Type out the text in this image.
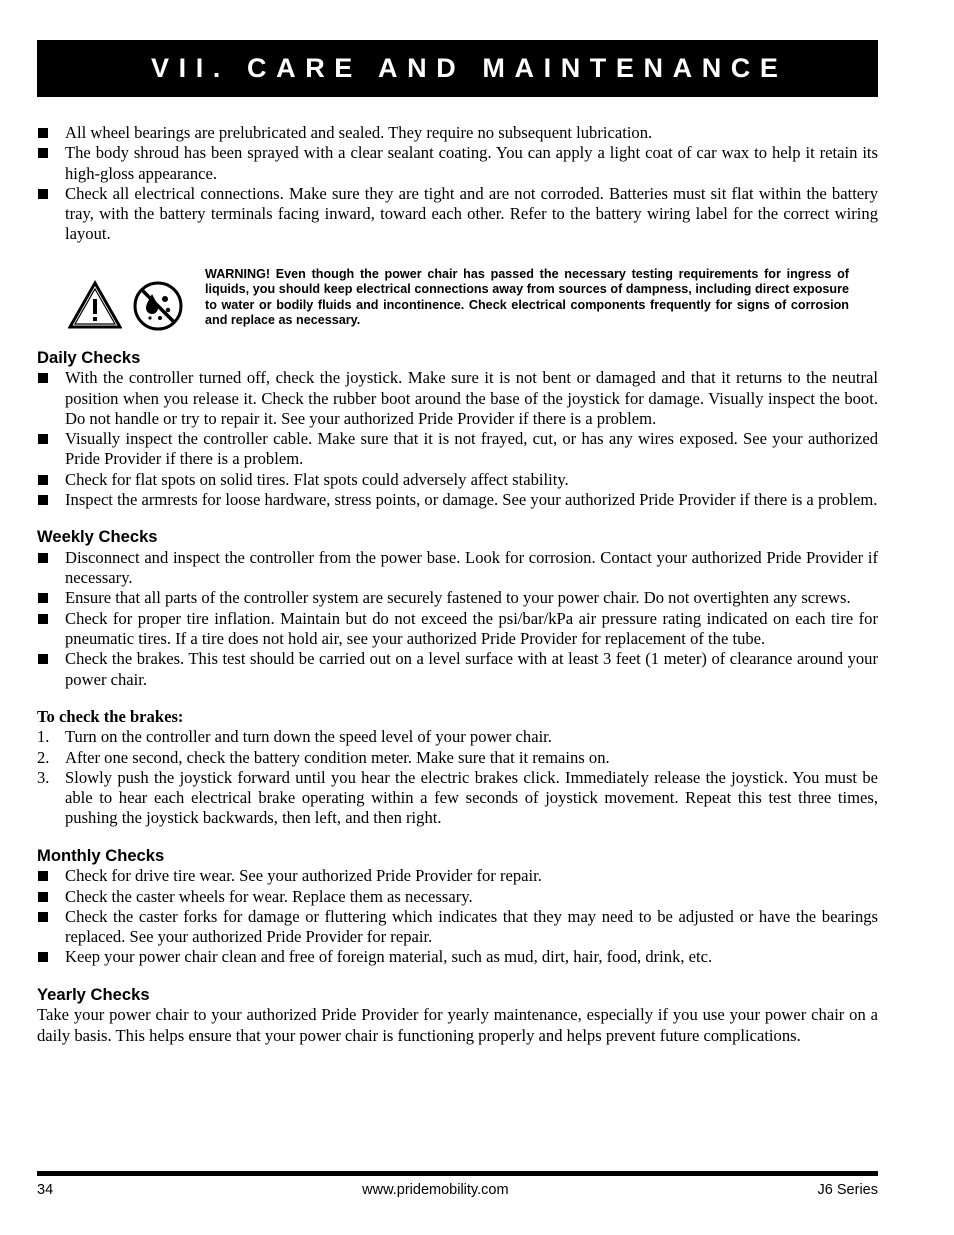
VII. CARE AND MAINTENANCE
All wheel bearings are prelubricated and sealed. They require no subsequent lubrication.
The body shroud has been sprayed with a clear sealant coating. You can apply a light coat of car wax to help it retain its high-gloss appearance.
Check all electrical connections. Make sure they are tight and are not corroded. Batteries must sit flat within the battery tray, with the battery terminals facing inward, toward each other. Refer to the battery wiring label for the correct wiring layout.
WARNING! Even though the power chair has passed the necessary testing requirements for ingress of liquids, you should keep electrical connections away from sources of dampness, including direct exposure to water or bodily fluids and incontinence. Check electrical components frequently for signs of corrosion and replace as necessary.
Daily Checks
With the controller turned off, check the joystick. Make sure it is not bent or damaged and that it returns to the neutral position when you release it. Check the rubber boot around the base of the joystick for damage. Visually inspect the boot. Do not handle or try to repair it. See your authorized Pride Provider if there is a problem.
Visually inspect the controller cable. Make sure that it is not frayed, cut, or has any wires exposed. See your authorized Pride Provider if there is a problem.
Check for flat spots on solid tires. Flat spots could adversely affect stability.
Inspect the armrests for loose hardware, stress points, or damage. See your authorized Pride Provider if there is a problem.
Weekly Checks
Disconnect and inspect the controller from the power base. Look for corrosion. Contact your authorized Pride Provider if necessary.
Ensure that all parts of the controller system are securely fastened to your power chair. Do not overtighten any screws.
Check for proper tire inflation. Maintain but do not exceed the psi/bar/kPa air pressure rating indicated on each tire for pneumatic tires. If a tire does not hold air, see your authorized Pride Provider for replacement of the tube.
Check the brakes. This test should be carried out on a level surface with at least 3 feet (1 meter) of clearance around your power chair.
To check the brakes:
1. Turn on the controller and turn down the speed level of your power chair.
2. After one second, check the battery condition meter. Make sure that it remains on.
3. Slowly push the joystick forward until you hear the electric brakes click. Immediately release the joystick. You must be able to hear each electrical brake operating within a few seconds of joystick movement. Repeat this test three times, pushing the joystick backwards, then left, and then right.
Monthly Checks
Check for drive tire wear. See your authorized Pride Provider for repair.
Check the caster wheels for wear. Replace them as necessary.
Check the caster forks for damage or fluttering which indicates that they may need to be adjusted or have the bearings replaced. See your authorized Pride Provider for repair.
Keep your power chair clean and free of foreign material, such as mud, dirt, hair, food, drink, etc.
Yearly Checks

Take your power chair to your authorized Pride Provider for yearly maintenance, especially if you use your power chair on a daily basis. This helps ensure that your power chair is functioning properly and helps prevent future complications.

34	www.pridemobility.com	J6 Series
